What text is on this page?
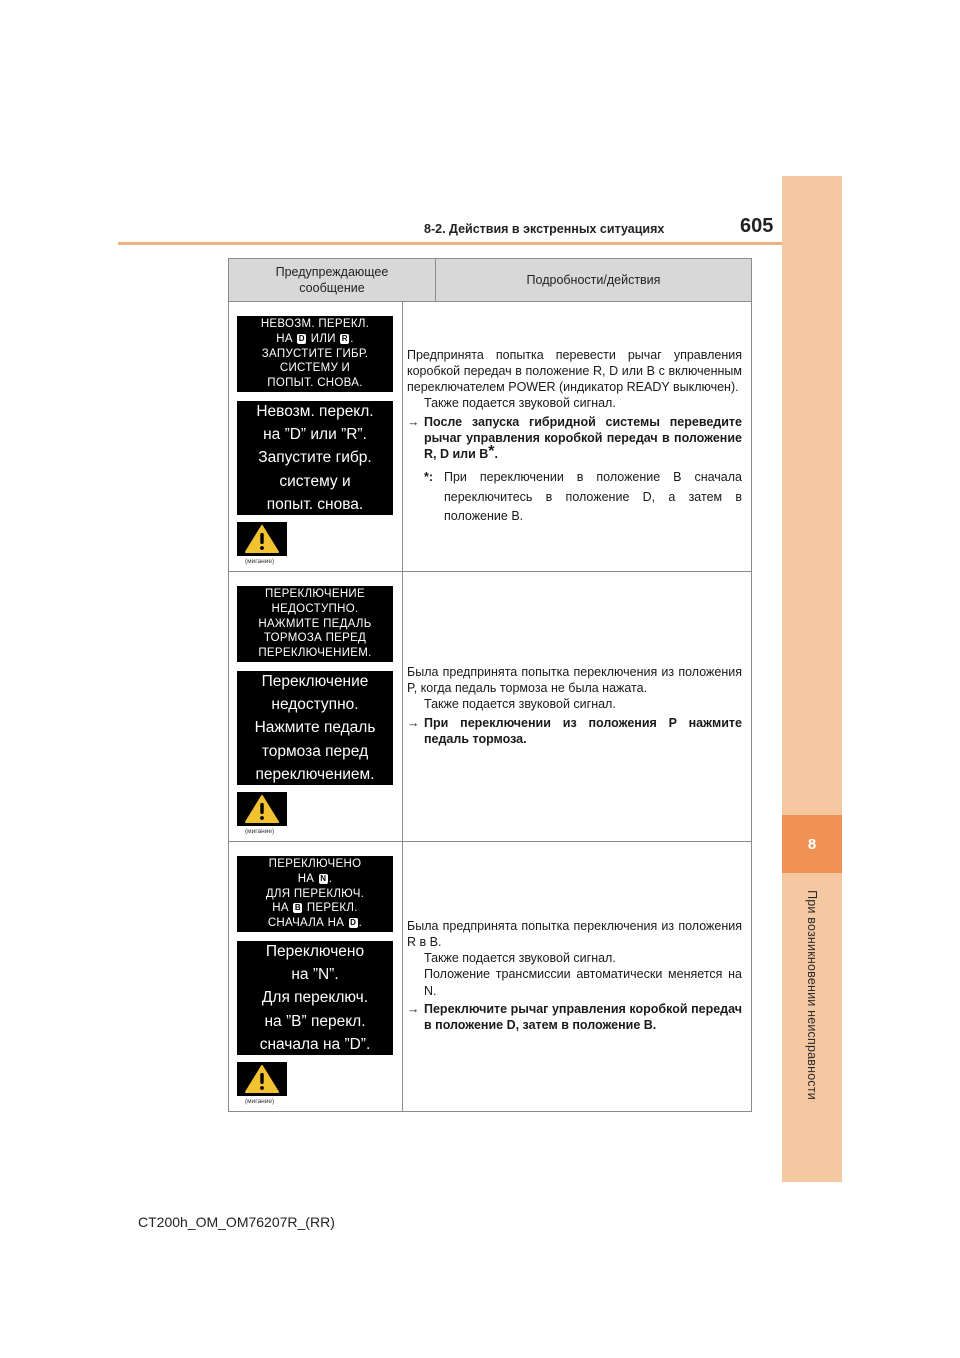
8
При возникновении неисправности
8-2. Действия в экстренных ситуациях	605
Предупреждающее сообщение
Подробности/действия
НЕВОЗМ. ПЕРЕКЛ.
НА D ИЛИ R .
ЗАПУСТИТЕ ГИБР.
СИСТЕМУ И
ПОПЫТ. СНОВА.
Невозм. перекл.
на ”D” или ”R”.
Запустите гибр.
систему и
попыт. снова.
(мигание)

Предпринята попытка перевести рычаг управления коробкой передач в положение R, D или B с включенным переключателем POWER (индикатор READY выключен).

Также подается звуковой сигнал.

→ После запуска гибридной системы переведите рычаг управления коробкой передач в положение R, D или B*.
*: При переключении в положение B сначала переключитесь в положение D, а затем в положение B.
ПЕРЕКЛЮЧЕНИЕ
НЕДОСТУПНО.
НАЖМИТЕ ПЕДАЛЬ
ТОРМОЗА ПЕРЕД
ПЕРЕКЛЮЧЕНИЕМ.
Переключение
недоступно.
Нажмите педаль
тормоза перед
переключением.
(мигание)

Была предпринята попытка переключения из положения P, когда педаль тормоза не была нажата.

Также подается звуковой сигнал.

→ При переключении из положения P нажмите педаль тормоза.
ПЕРЕКЛЮЧЕНО
НА N .
ДЛЯ ПЕРЕКЛЮЧ.
НА B ПЕРЕКЛ.
СНАЧАЛА НА D .
Переключено
на ”N”.
Для переключ.
на ”B” перекл.
сначала на ”D”.
(мигание)

Была предпринята попытка переключения из положения R в B.

Также подается звуковой сигнал.

Положение трансмиссии автоматически меняется на N.

→ Переключите рычаг управления коробкой передач в положение D, затем в положение B.
CT200h_OM_OM76207R_(RR)
